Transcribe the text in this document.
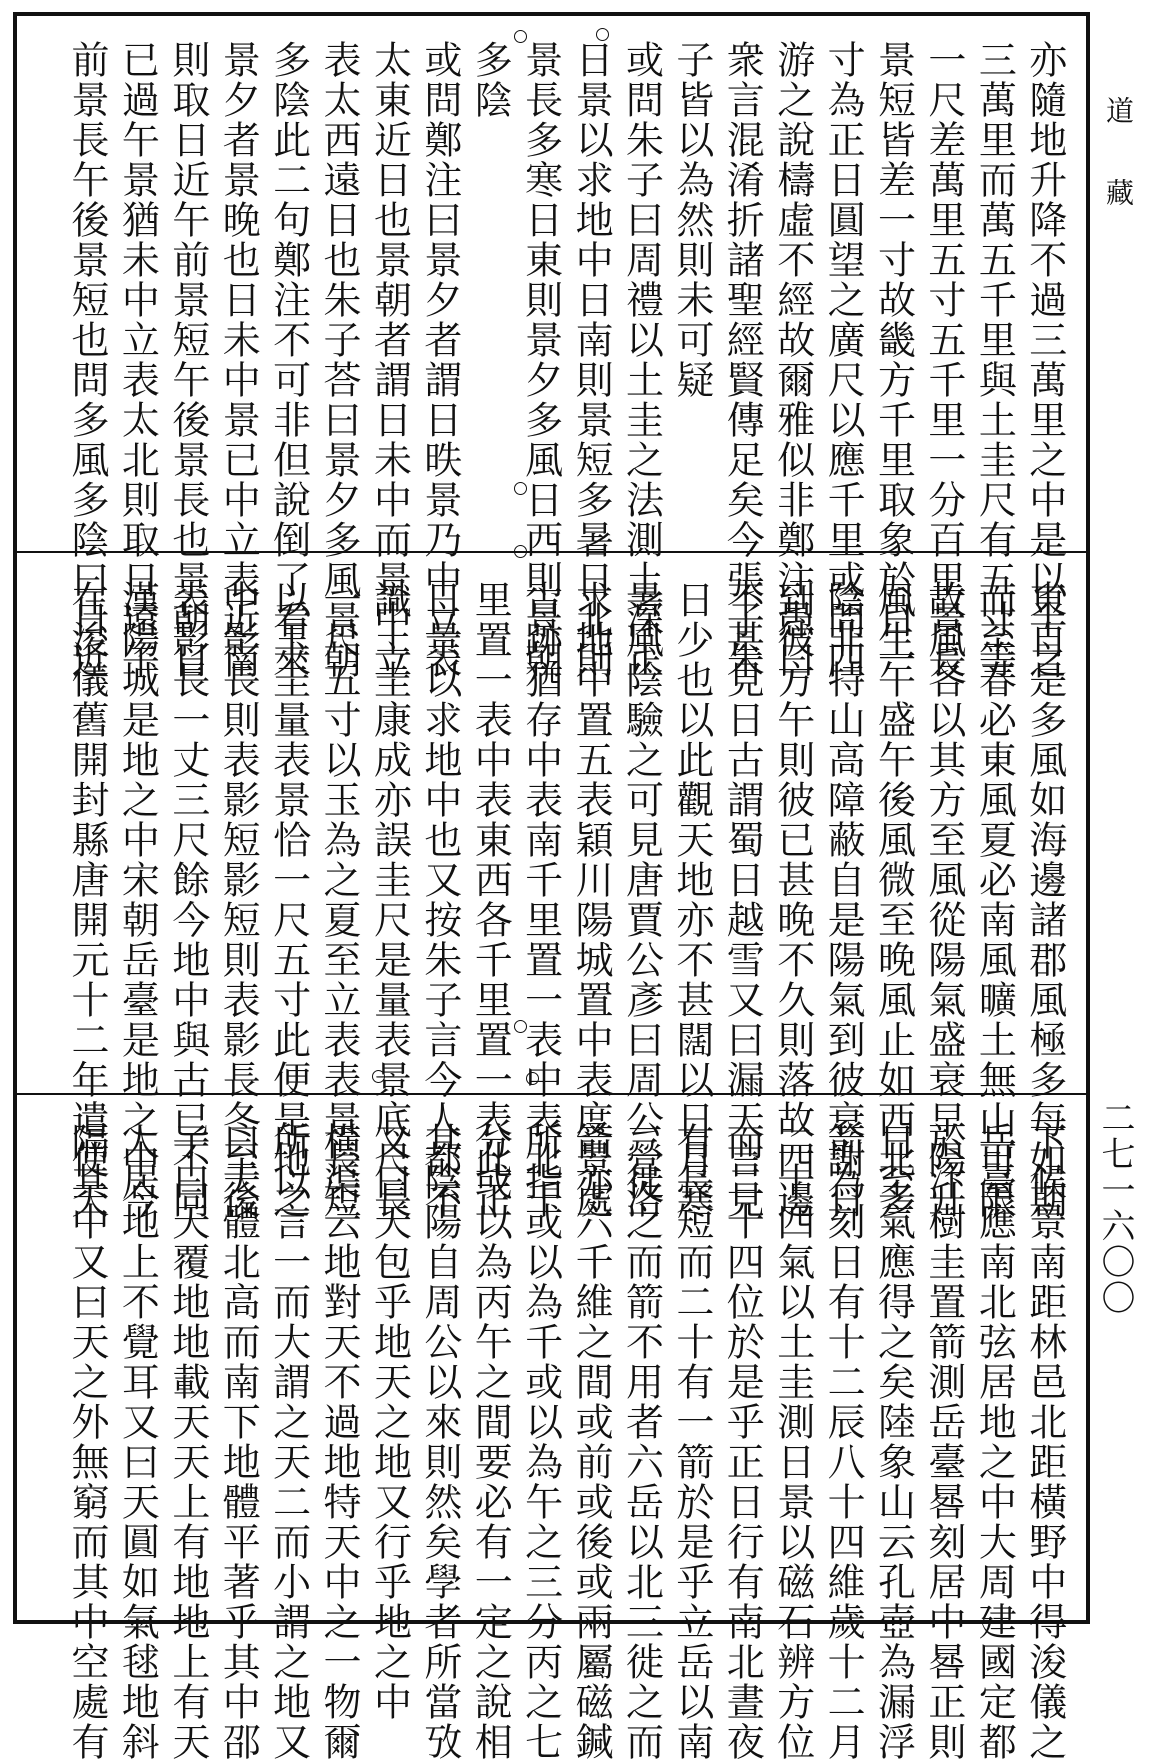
亦隨地升降不過三萬里之中是以半之
三萬里而萬五千里與土圭尺有五寸等
一尺差萬里五寸五千里一分百里景長
景短皆差一寸故畿方千里取象於日一
寸為正日圓望之廣尺以應千里或問四
游之說檮虛不經故爾雅似非鄭注愚曰
衆言混淆折諸聖經賢傳足矣今張子朱
子皆以為然則未可疑
或問朱子曰周禮以土圭之法測土深正
日景以求地中日南則景短多暑日北則
景長多寒日東則景夕多風日西則景朝
多陰
或問鄭注曰景夕者謂日昳景乃中立表
太東近日也景朝者謂日未中而景中立
表太西遠日也朱子荅曰景夕多風景朝
多陰此二句鄭注不可非但說倒了看來
景夕者景晚也日未中景已中立表近南
則取日近午前景短午後景長也景朝日
已過午景猶未中立表太北則取日遠午
前景長午後景短也問多風多陰曰日近
東自是多風如海邊諸郡風極多每如期
而至春必東風夏必南風曠土無山可限
故風各以其方至風從陽氣盛衰早陽升
風生午盛午後風微至晚風止如西北多
陰非特山高障蔽自是陽氣到彼衰謝日
到彼方午則彼已甚晚不久則落故四邊
不甚見日古謂蜀日越雪又曰漏天言見
日少也以此觀天地亦不甚闊以日月寒
暑風陰驗之可見唐賈公彥曰周公營洛
求地中置五表穎川陽城置中表度景處
古跡猶存中表南千里置一表中表北千
里置一表中表東西各千里置一表此正
日景以求地中也又按朱子言今人都不
識土圭康成亦誤圭尺是量表景底尺長
一尺五寸以玉為之夏至立表表景長短
以玉圭量表景恰一尺五寸此便是地之
中影長則表影短影短則表影長冬至後
表影長一丈三尺餘今地中與古已不同
漢陽城是地之中宋朝岳臺是地之中今
在浚儀舊開封縣唐開元十二年遣使天
下候景南距林邑北距橫野中得浚儀之
岳臺應南北弦居地之中大周建國定都
於汴樹圭置箭測岳臺晷刻居中晷正則
日至氣應得之矣陸象山云孔壺為漏浮
箭為刻日有十二辰八十四維歲十二月
二十四氣以土圭測日景以磁石辨方位
而二十四位於是乎正日行有南北晝夜
有長短而二十有一箭於是乎立岳以南
三徙之而箭不用者六岳以北三徙之而
箭亦六千維之間或前或後或兩屬磁鍼
所指或以為千或以為午之三分丙之七
分或以為丙午之間要必有一定之說相
其陰陽自周公以來則然矣學者所當攷
又曰天包乎地天之地又行乎地之中
橫渠云地對天不過地特天中之一物爾
所以言一而大謂之天二而小謂之地又
曰天體北高而南下地體平著乎其中邵
子曰天覆地地載天天上有地地上有天
人居地上不覺耳又曰天圓如氣毬地斜
隔其中又曰天之外無窮而其中空處有
道藏
二七一六〇〇
